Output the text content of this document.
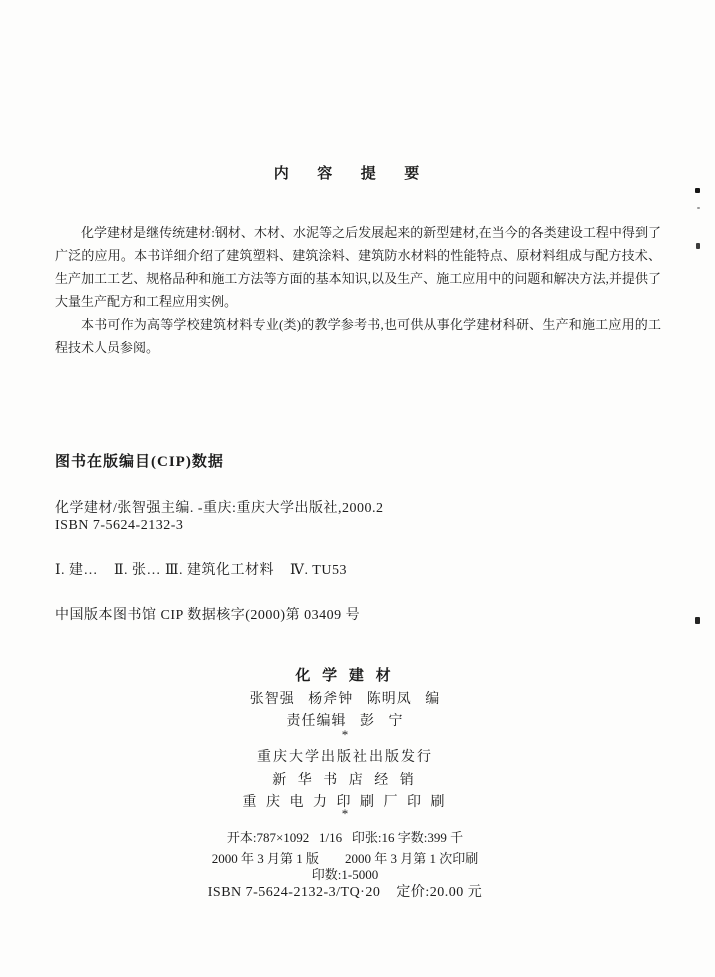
内  容  提  要

化学建材是继传统建材:钢材、木材、水泥等之后发展起来的新型建材,在当今的各类建设工程中得到了广泛的应用。本书详细介绍了建筑塑料、建筑涂料、建筑防水材料的性能特点、原材料组成与配方技术、生产加工工艺、规格品种和施工方法等方面的基本知识,以及生产、施工应用中的问题和解决方法,并提供了大量生产配方和工程应用实例。

本书可作为高等学校建筑材料专业(类)的教学参考书,也可供从事化学建材科研、生产和施工应用的工程技术人员参阅。

图书在版编目(CIP)数据
化学建材/张智强主编. -重庆:重庆大学出版社,2000.2
ISBN 7-5624-2132-3
Ⅰ. 建…    Ⅱ. 张… Ⅲ. 建筑化工材料    Ⅳ. TU53
中国版本图书馆 CIP 数据核字(2000)第 03409 号
化 学 建 材
张智强   杨斧钟   陈明凤   编
责任编辑   彭   宁
*
重庆大学出版社出版发行
新 华 书 店 经 销
重 庆 电 力 印 刷 厂 印 刷
*
开本:787×1092   1/16   印张:16 字数:399 千
2000 年 3 月第 1 版        2000 年 3 月第 1 次印刷
印数:1-5000
ISBN 7-5624-2132-3/TQ·20    定价:20.00 元
